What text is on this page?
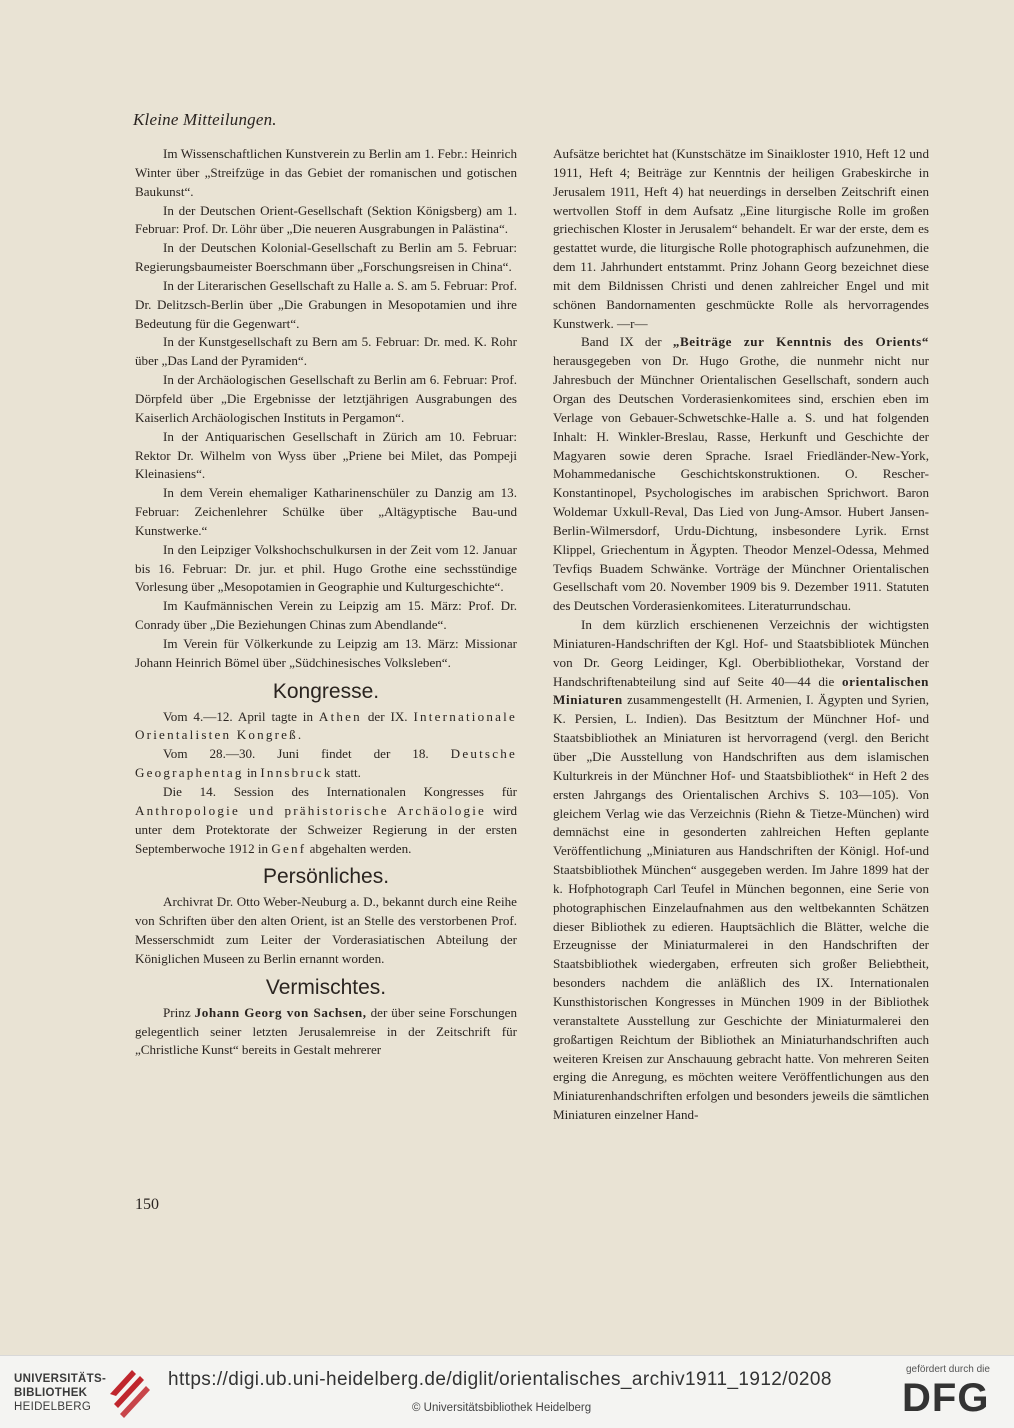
Kleine Mitteilungen.

Im Wissenschaftlichen Kunstverein zu Berlin am 1. Febr.: Heinrich Winter über „Streifzüge in das Gebiet der romanischen und gotischen Baukunst“.

In der Deutschen Orient-Gesellschaft (Sektion Königsberg) am 1. Februar: Prof. Dr. Löhr über „Die neueren Ausgrabungen in Palästina“.

In der Deutschen Kolonial-Gesellschaft zu Berlin am 5. Februar: Regierungsbaumeister Boerschmann über „Forschungsreisen in China“.

In der Literarischen Gesellschaft zu Halle a. S. am 5. Februar: Prof. Dr. Delitzsch-Berlin über „Die Grabungen in Mesopotamien und ihre Bedeutung für die Gegenwart“.

In der Kunstgesellschaft zu Bern am 5. Februar: Dr. med. K. Rohr über „Das Land der Pyramiden“.

In der Archäologischen Gesellschaft zu Berlin am 6. Februar: Prof. Dörpfeld über „Die Ergebnisse der letztjährigen Ausgrabungen des Kaiserlich Archäologischen Instituts in Pergamon“.

In der Antiquarischen Gesellschaft in Zürich am 10. Februar: Rektor Dr. Wilhelm von Wyss über „Priene bei Milet, das Pompeji Kleinasiens“.

In dem Verein ehemaliger Katharinenschüler zu Danzig am 13. Februar: Zeichenlehrer Schülke über „Altägyptische Bau-und Kunstwerke.“

In den Leipziger Volkshochschulkursen in der Zeit vom 12. Januar bis 16. Februar: Dr. jur. et phil. Hugo Grothe eine sechsstündige Vorlesung über „Mesopotamien in Geographie und Kulturgeschichte“.

Im Kaufmännischen Verein zu Leipzig am 15. März: Prof. Dr. Conrady über „Die Beziehungen Chinas zum Abendlande“.

Im Verein für Völkerkunde zu Leipzig am 13. März: Missionar Johann Heinrich Bömel über „Südchinesisches Volksleben“.

Kongresse.

Vom 4.—12. April tagte in Athen der IX. Internationale Orientalisten Kongreß.

Vom 28.—30. Juni findet der 18. Deutsche Geographentag in Innsbruck statt.

Die 14. Session des Internationalen Kongresses für Anthropologie und prähistorische Archäologie wird unter dem Protektorate der Schweizer Regierung in der ersten Septemberwoche 1912 in Genf abgehalten werden.

Persönliches.

Archivrat Dr. Otto Weber-Neuburg a. D., bekannt durch eine Reihe von Schriften über den alten Orient, ist an Stelle des verstorbenen Prof. Messerschmidt zum Leiter der Vorderasiatischen Abteilung der Königlichen Museen zu Berlin ernannt worden.

Vermischtes.

Prinz Johann Georg von Sachsen, der über seine Forschungen gelegentlich seiner letzten Jerusalemreise in der Zeitschrift für „Christliche Kunst“ bereits in Gestalt mehrerer

Aufsätze berichtet hat (Kunstschätze im Sinaikloster 1910, Heft 12 und 1911, Heft 4; Beiträge zur Kenntnis der heiligen Grabeskirche in Jerusalem 1911, Heft 4) hat neuerdings in derselben Zeitschrift einen wertvollen Stoff in dem Aufsatz „Eine liturgische Rolle im großen griechischen Kloster in Jerusalem“ behandelt. Er war der erste, dem es gestattet wurde, die liturgische Rolle photographisch aufzunehmen, die dem 11. Jahrhundert entstammt. Prinz Johann Georg bezeichnet diese mit dem Bildnissen Christi und denen zahlreicher Engel und mit schönen Bandornamenten geschmückte Rolle als hervorragendes Kunstwerk. —r—

Band IX der „Beiträge zur Kenntnis des Orients“ herausgegeben von Dr. Hugo Grothe, die nunmehr nicht nur Jahresbuch der Münchner Orientalischen Gesellschaft, sondern auch Organ des Deutschen Vorderasienkomitees sind, erschien eben im Verlage von Gebauer-Schwetschke-Halle a. S. und hat folgenden Inhalt: H. Winkler-Breslau, Rasse, Herkunft und Geschichte der Magyaren sowie deren Sprache. Israel Friedländer-New-York, Mohammedanische Geschichtskonstruktionen. O. Rescher-Konstantinopel, Psychologisches im arabischen Sprichwort. Baron Woldemar Uxkull-Reval, Das Lied von Jung-Amsor. Hubert Jansen-Berlin-Wilmersdorf, Urdu-Dichtung, insbesondere Lyrik. Ernst Klippel, Griechentum in Ägypten. Theodor Menzel-Odessa, Mehmed Tevfiqs Buadem Schwänke. Vorträge der Münchner Orientalischen Gesellschaft vom 20. November 1909 bis 9. Dezember 1911. Statuten des Deutschen Vorderasienkomitees. Literaturrundschau.

In dem kürzlich erschienenen Verzeichnis der wichtigsten Miniaturen-Handschriften der Kgl. Hof- und Staatsbibliotek München von Dr. Georg Leidinger, Kgl. Oberbibliothekar, Vorstand der Handschriftenabteilung sind auf Seite 40—44 die orientalischen Miniaturen zusammengestellt (H. Armenien, I. Ägypten und Syrien, K. Persien, L. Indien). Das Besitztum der Münchner Hof- und Staatsbibliothek an Miniaturen ist hervorragend (vergl. den Bericht über „Die Ausstellung von Handschriften aus dem islamischen Kulturkreis in der Münchner Hof- und Staatsbibliothek“ in Heft 2 des ersten Jahrgangs des Orientalischen Archivs S. 103—105). Von gleichem Verlag wie das Verzeichnis (Riehn & Tietze-München) wird demnächst eine in gesonderten zahlreichen Heften geplante Veröffentlichung „Miniaturen aus Handschriften der Königl. Hof-und Staatsbibliothek München“ ausgegeben werden. Im Jahre 1899 hat der k. Hofphotograph Carl Teufel in München begonnen, eine Serie von photographischen Einzelaufnahmen aus den weltbekannten Schätzen dieser Bibliothek zu edieren. Hauptsächlich die Blätter, welche die Erzeugnisse der Miniaturmalerei in den Handschriften der Staatsbibliothek wiedergaben, erfreuten sich großer Beliebtheit, besonders nachdem die anläßlich des IX. Internationalen Kunsthistorischen Kongresses in München 1909 in der Bibliothek veranstaltete Ausstellung zur Geschichte der Miniaturmalerei den großartigen Reichtum der Bibliothek an Miniaturhandschriften auch weiteren Kreisen zur Anschauung gebracht hatte. Von mehreren Seiten erging die Anregung, es möchten weitere Veröffentlichungen aus den Miniaturenhandschriften erfolgen und besonders jeweils die sämtlichen Miniaturen einzelner Hand-

150
UNIVERSITÄTS-
BIBLIOTHEK
HEIDELBERG
https://digi.ub.uni-heidelberg.de/diglit/orientalisches_archiv1911_1912/0208
© Universitätsbibliothek Heidelberg
gefördert durch die
DFG
